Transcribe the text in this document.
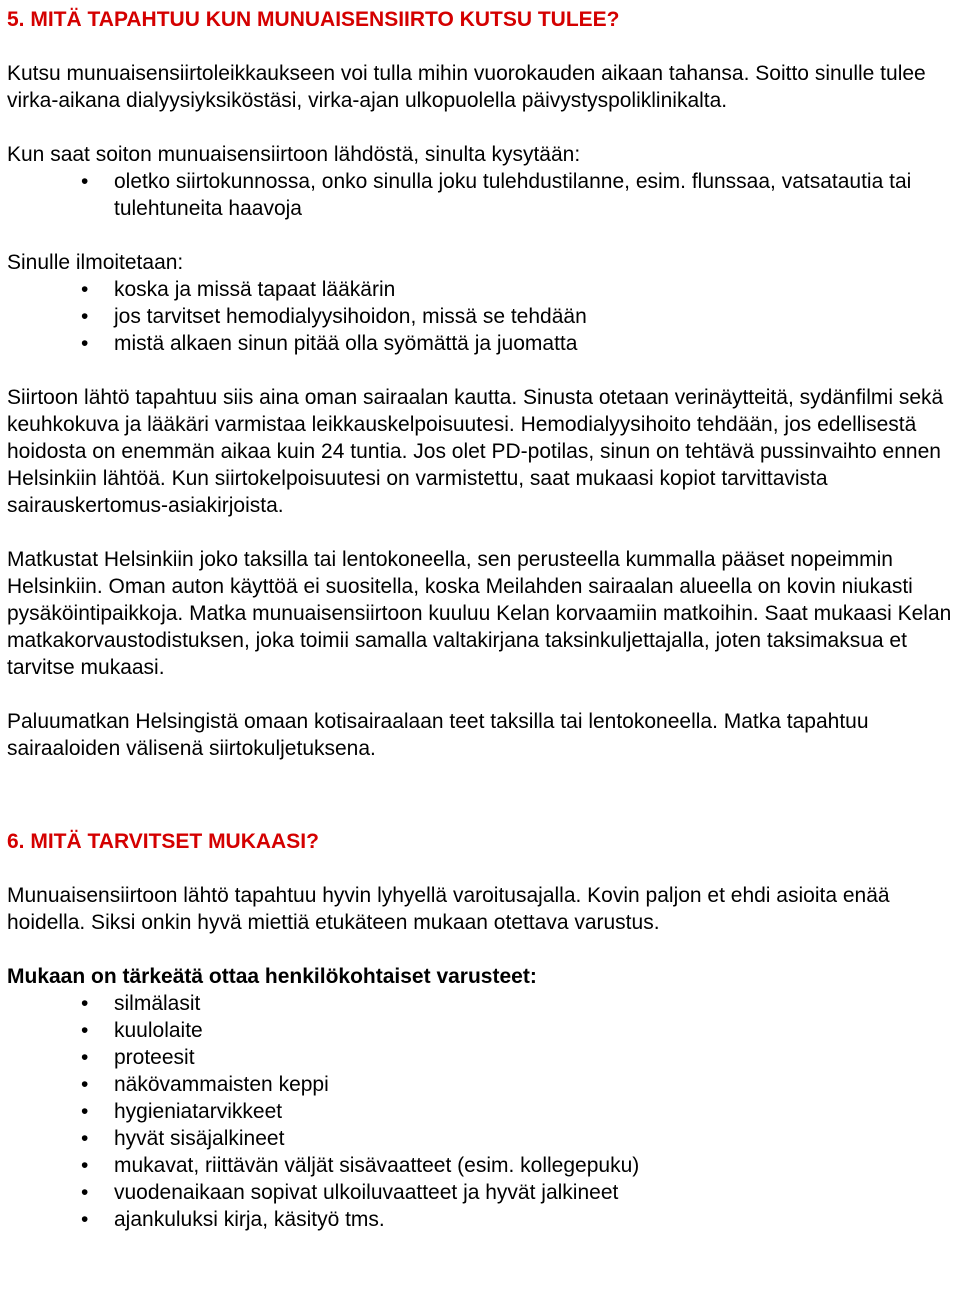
5. MITÄ TAPAHTUU KUN MUNUAISENSIIRTO KUTSU TULEE?

Kutsu munuaisensiirtoleikkaukseen voi tulla mihin vuorokauden aikaan tahansa. Soitto sinulle tulee virka-aikana dialyysiyksiköstäsi, virka-ajan ulkopuolella päivystyspoliklinikalta.

Kun saat soiton munuaisensiirtoon lähdöstä, sinulta kysytään:

• oletko siirtokunnossa, onko sinulla joku tulehdustilanne, esim. flunssaa, vatsatautia tai tulehtuneita haavoja

Sinulle ilmoitetaan:

• koska ja missä tapaat lääkärin
• jos tarvitset hemodialyysihoidon, missä se tehdään
• mistä alkaen sinun pitää olla syömättä ja juomatta

Siirtoon lähtö tapahtuu siis aina oman sairaalan kautta. Sinusta otetaan verinäytteitä, sydänfilmi sekä keuhkokuva ja lääkäri varmistaa leikkauskelpoisuutesi. Hemodialyysihoito tehdään, jos edellisestä hoidosta on enemmän aikaa kuin 24 tuntia. Jos olet PD-potilas, sinun on tehtävä pussinvaihto ennen Helsinkiin lähtöä. Kun siirtokelpoisuutesi on varmistettu, saat mukaasi kopiot tarvittavista sairauskertomus-asiakirjoista.

Matkustat Helsinkiin joko taksilla tai lentokoneella, sen perusteella kummalla pääset nopeimmin Helsinkiin. Oman auton käyttöä ei suositella, koska Meilahden sairaalan alueella on kovin niukasti pysäköintipaikkoja. Matka munuaisensiirtoon kuuluu Kelan korvaamiin matkoihin. Saat mukaasi Kelan matkakorvaustodistuksen, joka toimii samalla valtakirjana taksinkuljettajalla, joten taksimaksua et tarvitse mukaasi.

Paluumatkan Helsingistä omaan kotisairaalaan teet taksilla tai lentokoneella. Matka tapahtuu sairaaloiden välisenä siirtokuljetuksena.

6. MITÄ TARVITSET MUKAASI?

Munuaisensiirtoon lähtö tapahtuu hyvin lyhyellä varoitusajalla. Kovin paljon et ehdi asioita enää hoidella. Siksi onkin hyvä miettiä etukäteen mukaan otettava varustus.

Mukaan on tärkeätä ottaa henkilökohtaiset varusteet:

• silmälasit
• kuulolaite
• proteesit
• näkövammaisten keppi
• hygieniatarvikkeet
• hyvät sisäjalkineet
• mukavat, riittävän väljät sisävaatteet (esim. kollegepuku)
• vuodenaikaan sopivat ulkoiluvaatteet ja hyvät jalkineet
• ajankuluksi kirja, käsityö tms.
